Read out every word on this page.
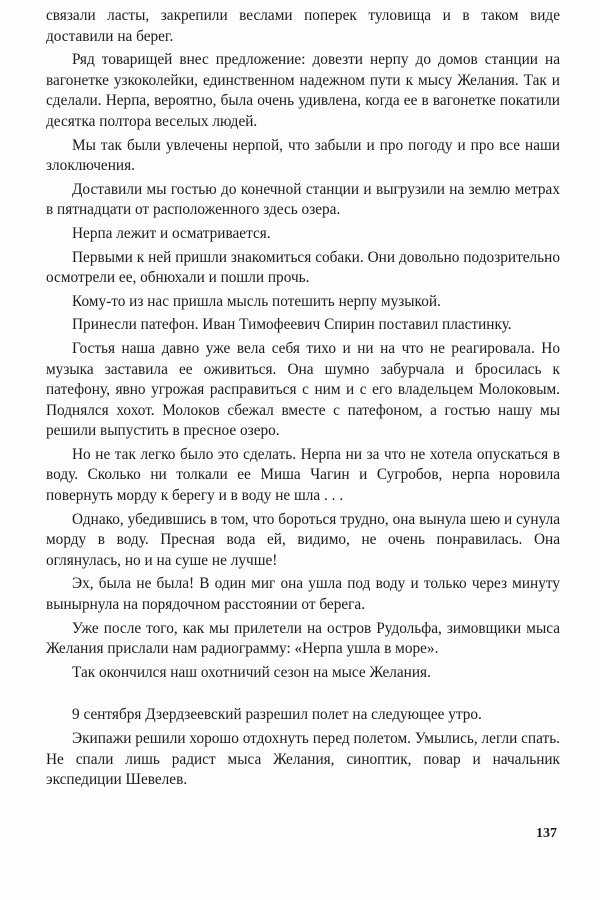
связали ласты, закрепили веслами поперек туловища и в таком виде доставили на берег.

Ряд товарищей внес предложение: довезти нерпу до домов станции на вагонетке узкоколейки, единственном надежном пути к мысу Желания. Так и сделали. Нерпа, вероятно, была очень удивлена, когда ее в вагонетке покатили десятка полтора веселых людей.

Мы так были увлечены нерпой, что забыли и про погоду и про все наши злоключения.

Доставили мы гостью до конечной станции и выгрузили на землю метрах в пятнадцати от расположенного здесь озера.

Нерпа лежит и осматривается.

Первыми к ней пришли знакомиться собаки. Они довольно подозрительно осмотрели ее, обнюхали и пошли прочь.

Кому-то из нас пришла мысль потешить нерпу музыкой.

Принесли патефон. Иван Тимофеевич Спирин поставил пластинку.

Гостья наша давно уже вела себя тихо и ни на что не реагировала. Но музыка заставила ее оживиться. Она шумно забурчала и бросилась к патефону, явно угрожая расправиться с ним и с его владельцем Молоковым. Поднялся хохот. Молоков сбежал вместе с патефоном, а гостью нашу мы решили выпустить в пресное озеро.

Но не так легко было это сделать. Нерпа ни за что не хотела опускаться в воду. Сколько ни толкали ее Миша Чагин и Сугробов, нерпа норовила повернуть морду к берегу и в воду не шла . . .

Однако, убедившись в том, что бороться трудно, она вынула шею и сунула морду в воду. Пресная вода ей, видимо, не очень понравилась. Она оглянулась, но и на суше не лучше!

Эх, была не была! В один миг она ушла под воду и только через минуту вынырнула на порядочном расстоянии от берега.

Уже после того, как мы прилетели на остров Рудольфа, зимовщики мыса Желания прислали нам радиограмму: «Нерпа ушла в море».

Так окончился наш охотничий сезон на мысе Желания.

9 сентября Дзердзеевский разрешил полет на следующее утро.

Экипажи решили хорошо отдохнуть перед полетом. Умылись, легли спать. Не спали лишь радист мыса Желания, синоптик, повар и начальник экспедиции Шевелев.

137
